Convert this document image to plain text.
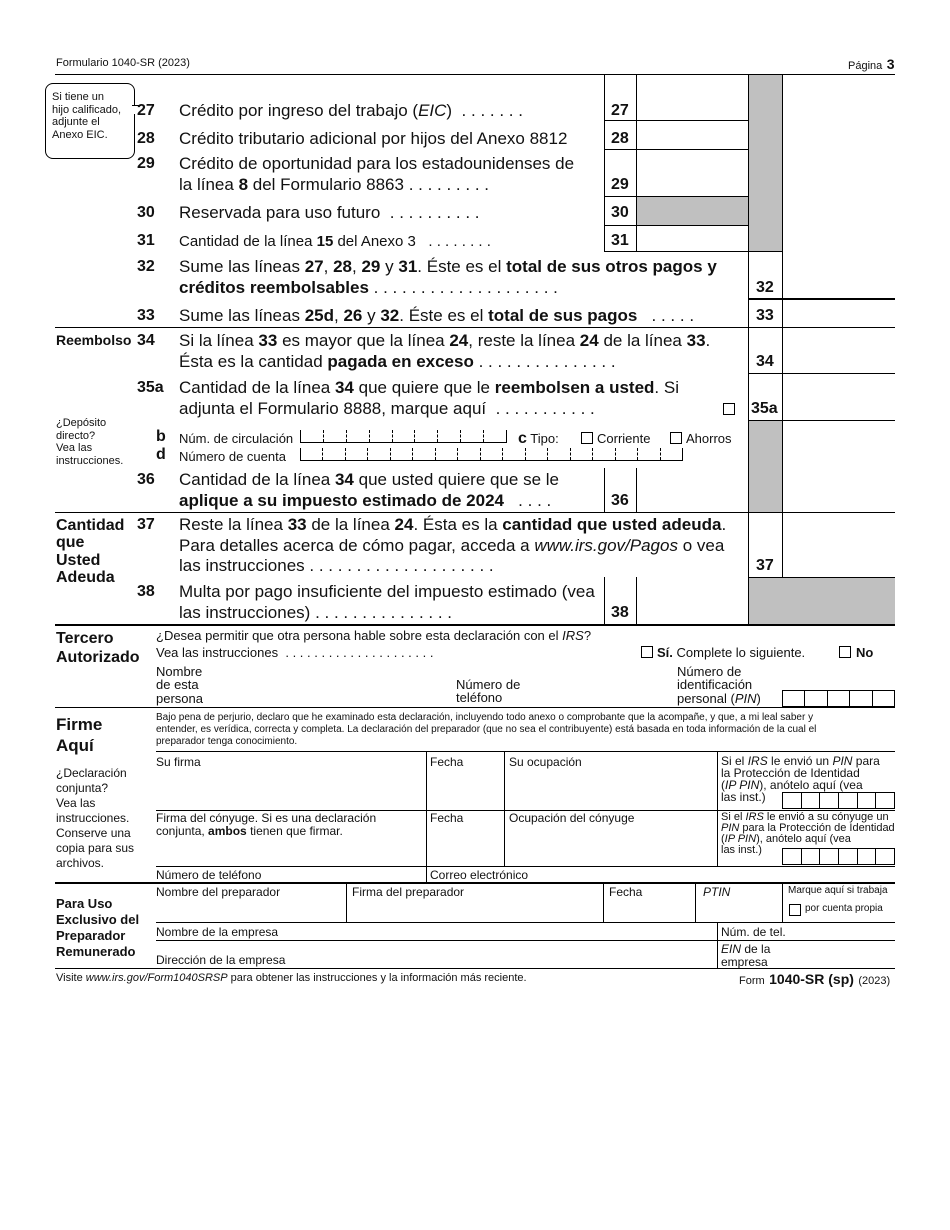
Formulario 1040-SR (2023)	Página 3
Si tiene un
hijo calificado,
adjunte el
Anexo EIC.
27 Crédito por ingreso del trabajo (EIC) . . . . . . .	27
28 Crédito tributario adicional por hijos del Anexo 8812	28
29 Crédito de oportunidad para los estadounidenses de
la línea 8 del Formulario 8863 . . . . . . . . .	29
30 Reservada para uso futuro . . . . . . . . . .	30
31 Cantidad de la línea 15 del Anexo 3 . . . . . . . .	31
32 Sume las líneas 27, 28, 29 y 31. Éste es el total de sus otros pagos y
créditos reembolsables . . . . . . . . . . . . . . . . . . . .	32
33 Sume las líneas 25d, 26 y 32. Éste es el total de sus pagos . . . . .	33
Reembolso 34 Si la línea 33 es mayor que la línea 24, reste la línea 24 de la línea 33.
Ésta es la cantidad pagada en exceso . . . . . . . . . . . . . . .	34
35a Cantidad de la línea 34 que quiere que le reembolsen a usted. Si
adjunta el Formulario 8888, marque aquí . . . . . . . . . . .	35a
¿Depósito
directo?
Vea las
instrucciones.
b
d
Núm. de circulación
Número de cuenta
c Tipo:	Corriente	Ahorros
36 Cantidad de la línea 34 que usted quiere que se le
aplique a su impuesto estimado de 2024 . . . .	36
Cantidad
que
Usted
Adeuda
37 Reste la línea 33 de la línea 24. Ésta es la cantidad que usted adeuda.
Para detalles acerca de cómo pagar, acceda a www.irs.gov/Pagos o vea
las instrucciones . . . . . . . . . . . . . . . . . . . .	37
38 Multa por pago insuficiente del impuesto estimado (vea
las instrucciones) . . . . . . . . . . . . . . .	38
Tercero
Autorizado
¿Desea permitir que otra persona hable sobre esta declaración con el IRS?
Vea las instrucciones . . . . . . . . . . . . . . . . . . . . .	Sí. Complete lo siguiente.	No
Nombre
de esta
persona
Número de
teléfono
Número de
identificación
personal (PIN)
Firme
Aquí
¿Declaración
conjunta?
Vea las
instrucciones.
Conserve una
copia para sus
archivos.
Bajo pena de perjurio, declaro que he examinado esta declaración, incluyendo todo anexo o comprobante que la acompañe, y que, a mi leal saber y
entender, es verídica, correcta y completa. La declaración del preparador (que no sea el contribuyente) está basada en toda información de la cual el
preparador tenga conocimiento.
Su firma	Fecha	Su ocupación	Si el IRS le envió un PIN para
la Protección de Identidad
(IP PIN), anótelo aquí (vea
las inst.)
Firma del cónyuge. Si es una declaración
conjunta, ambos tienen que firmar.
Fecha	Ocupación del cónyuge	Si el IRS le envió a su cónyuge un
PIN para la Protección de Identidad
(IP PIN), anótelo aquí (vea
las inst.)
Número de teléfono	Correo electrónico
Para Uso
Exclusivo del
Preparador
Remunerado
Nombre del preparador	Firma del preparador	Fecha	PTIN	Marque aquí si trabaja
por cuenta propia
Nombre de la empresa	Núm. de tel.
Dirección de la empresa
EIN de la
empresa
Visite www.irs.gov/Form1040SRSP para obtener las instrucciones y la información más reciente.	Form 1040-SR (sp) (2023)
